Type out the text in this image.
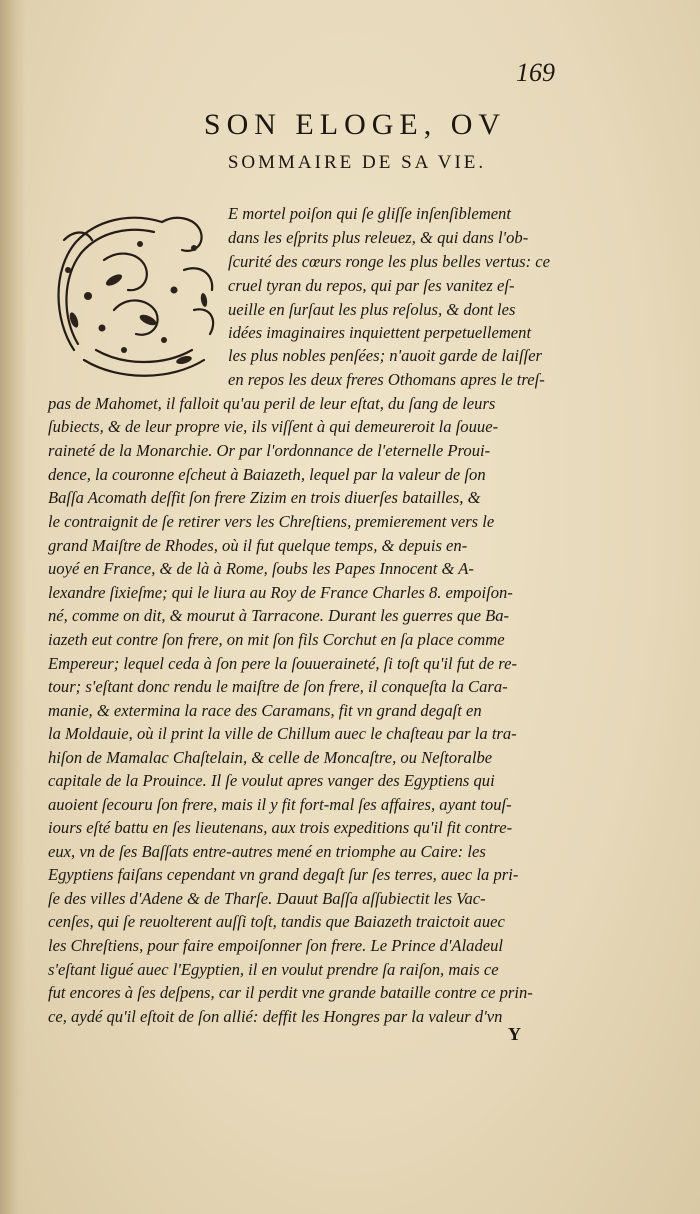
169
SON ELOGE, OV
SOMMAIRE DE SA VIE.
E mortel poiſon qui ſe gliſſe inſenſiblement
dans les eſprits plus releuez, & qui dans l'ob-
ſcurité des cœurs ronge les plus belles vertus: ce
cruel tyran du repos, qui par ſes vanitez eſ-
ueille en ſurſaut les plus reſolus, & dont les
idées imaginaires inquiettent perpetuellement
les plus nobles penſées; n'auoit garde de laiſſer
en repos les deux freres Othomans apres le treſ-
pas de Mahomet, il falloit qu'au peril de leur eſtat, du ſang de leurs
ſubiects, & de leur propre vie, ils viſſent à qui demeureroit la ſouue-
raineté de la Monarchie. Or par l'ordonnance de l'eternelle Proui-
dence, la couronne eſcheut à Baiazeth, lequel par la valeur de ſon
Baſſa Acomath deſfit ſon frere Zizim en trois diuerſes batailles, &
le contraignit de ſe retirer vers les Chreſtiens, premierement vers le
grand Maiſtre de Rhodes, où il fut quelque temps, & depuis en-
uoyé en France, & de là à Rome, ſoubs les Papes Innocent & A-
lexandre ſixieſme; qui le liura au Roy de France Charles 8. empoiſon-
né, comme on dit, & mourut à Tarracone. Durant les guerres que Ba-
iazeth eut contre ſon frere, on mit ſon fils Corchut en ſa place comme
Empereur; lequel ceda à ſon pere la ſouueraineté, ſi toſt qu'il fut de re-
tour; s'eſtant donc rendu le maiſtre de ſon frere, il conqueſta la Cara-
manie, & extermina la race des Caramans, fit vn grand degaſt en
la Moldauie, où il print la ville de Chillum auec le chaſteau par la tra-
hiſon de Mamalac Chaſtelain, & celle de Moncaſtre, ou Neſtoralbe
capitale de la Prouince. Il ſe voulut apres vanger des Egyptiens qui
auoient ſecouru ſon frere, mais il y fit fort-mal ſes affaires, ayant touſ-
iours eſté battu en ſes lieutenans, aux trois expeditions qu'il fit contre-
eux, vn de ſes Baſſats entre-autres mené en triomphe au Caire: les
Egyptiens faiſans cependant vn grand degaſt ſur ſes terres, auec la pri-
ſe des villes d'Adene & de Tharſe. Dauut Baſſa aſſubiectit les Vac-
cenſes, qui ſe reuolterent auſſi toſt, tandis que Baiazeth traictoit auec
les Chreſtiens, pour faire empoiſonner ſon frere. Le Prince d'Aladeul
s'eſtant ligué auec l'Egyptien, il en voulut prendre ſa raiſon, mais ce
fut encores à ſes deſpens, car il perdit vne grande bataille contre ce prin-
ce, aydé qu'il eſtoit de ſon allié: deffit les Hongres par la valeur d'vn
Y
